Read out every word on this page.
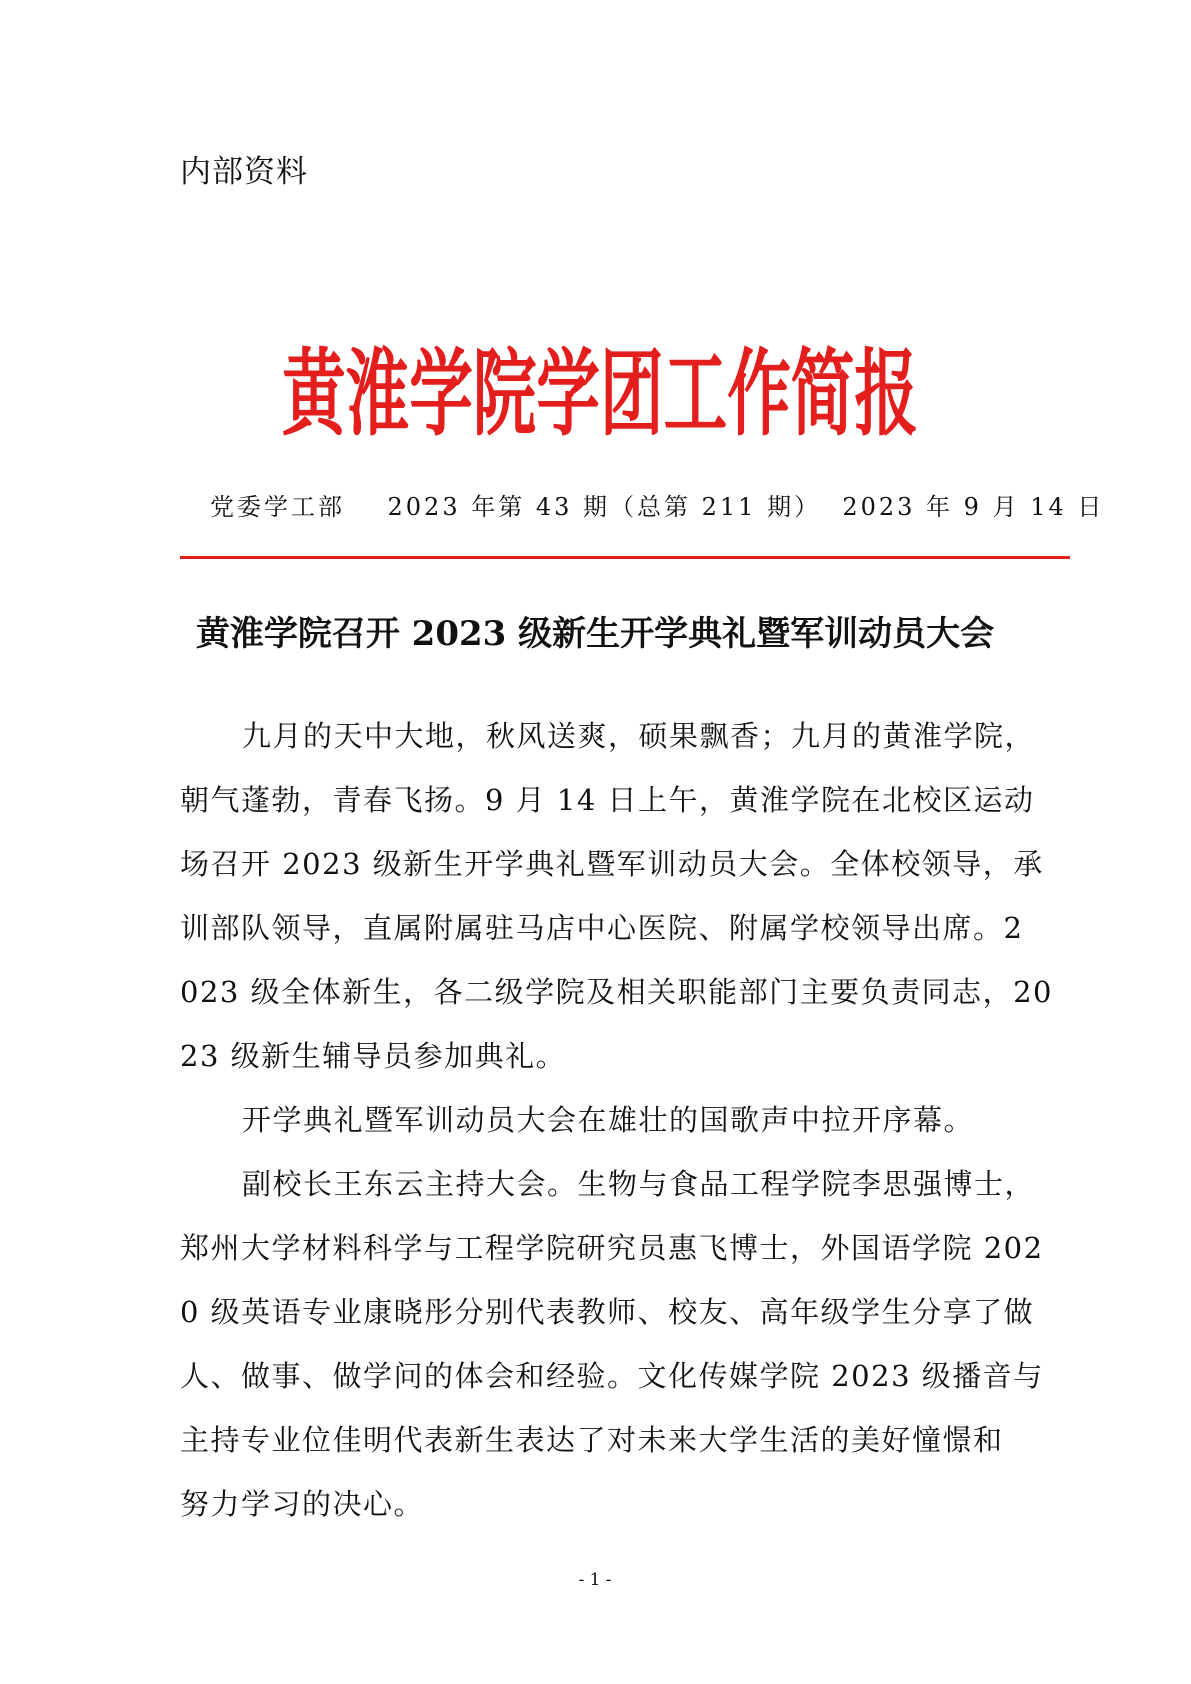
内部资料
黄淮学院学团工作简报
党委学工部    2023 年第 43 期（总第 211 期）  2023 年 9 月 14 日
黄淮学院召开 2023 级新生开学典礼暨军训动员大会
九月的天中大地，秋风送爽，硕果飘香；九月的黄淮学院，
朝气蓬勃，青春飞扬。9 月 14 日上午，黄淮学院在北校区运动
场召开 2023 级新生开学典礼暨军训动员大会。全体校领导，承
训部队领导，直属附属驻马店中心医院、附属学校领导出席。2
023 级全体新生，各二级学院及相关职能部门主要负责同志，20
23 级新生辅导员参加典礼。
开学典礼暨军训动员大会在雄壮的国歌声中拉开序幕。
副校长王东云主持大会。生物与食品工程学院李思强博士，
郑州大学材料科学与工程学院研究员惠飞博士，外国语学院 202
0 级英语专业康晓彤分别代表教师、校友、高年级学生分享了做
人、做事、做学问的体会和经验。文化传媒学院 2023 级播音与
主持专业位佳明代表新生表达了对未来大学生活的美好憧憬和
努力学习的决心。
- 1 -
